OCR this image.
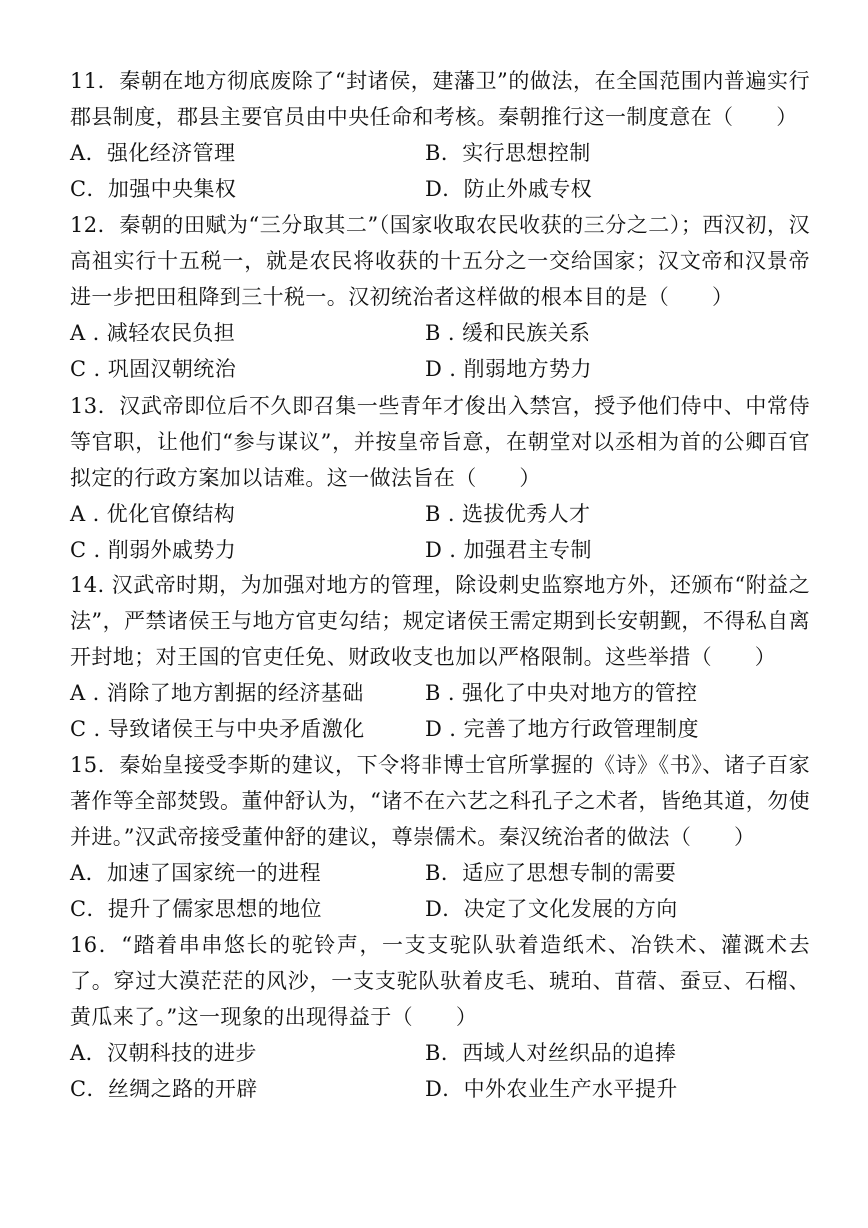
11．秦朝在地方彻底废除了“封诸侯，建藩卫”的做法，在全国范围内普遍实行郡县制度，郡县主要官员由中央任命和考核。秦朝推行这一制度意在（　　）
A．强化经济管理	B．实行思想控制
C．加强中央集权	D．防止外戚专权
12．秦朝的田赋为“三分取其二”（国家收取农民收获的三分之二）；西汉初，汉高祖实行十五税一，就是农民将收获的十五分之一交给国家；汉文帝和汉景帝进一步把田租降到三十税一。汉初统治者这样做的根本目的是（　　）
A . 减轻农民负担	B . 缓和民族关系
C . 巩固汉朝统治	D . 削弱地方势力
13．汉武帝即位后不久即召集一些青年才俊出入禁宫，授予他们侍中、中常侍等官职，让他们“参与谋议”，并按皇帝旨意，在朝堂对以丞相为首的公卿百官拟定的行政方案加以诘难。这一做法旨在（　　）
A . 优化官僚结构	B . 选拔优秀人才
C . 削弱外戚势力	D . 加强君主专制
14. 汉武帝时期，为加强对地方的管理，除设刺史监察地方外，还颁布“附益之法”，严禁诸侯王与地方官吏勾结；规定诸侯王需定期到长安朝觐，不得私自离开封地；对王国的官吏任免、财政收支也加以严格限制。这些举措（　　）
A . 消除了地方割据的经济基础	B . 强化了中央对地方的管控
C . 导致诸侯王与中央矛盾激化	D . 完善了地方行政管理制度
15．秦始皇接受李斯的建议，下令将非博士官所掌握的《诗》《书》、诸子百家著作等全部焚毁。董仲舒认为，“诸不在六艺之科孔子之术者，皆绝其道，勿使并进。”汉武帝接受董仲舒的建议，尊崇儒术。秦汉统治者的做法（　　）
A．加速了国家统一的进程	B．适应了思想专制的需要
C．提升了儒家思想的地位	D．决定了文化发展的方向
16．“踏着串串悠长的驼铃声，一支支驼队驮着造纸术、冶铁术、灌溉术去了。穿过大漠茫茫的风沙，一支支驼队驮着皮毛、琥珀、苜蓿、蚕豆、石榴、黄瓜来了。”这一现象的出现得益于（　　）
A．汉朝科技的进步	B．西域人对丝织品的追捧
C．丝绸之路的开辟	D．中外农业生产水平提升
